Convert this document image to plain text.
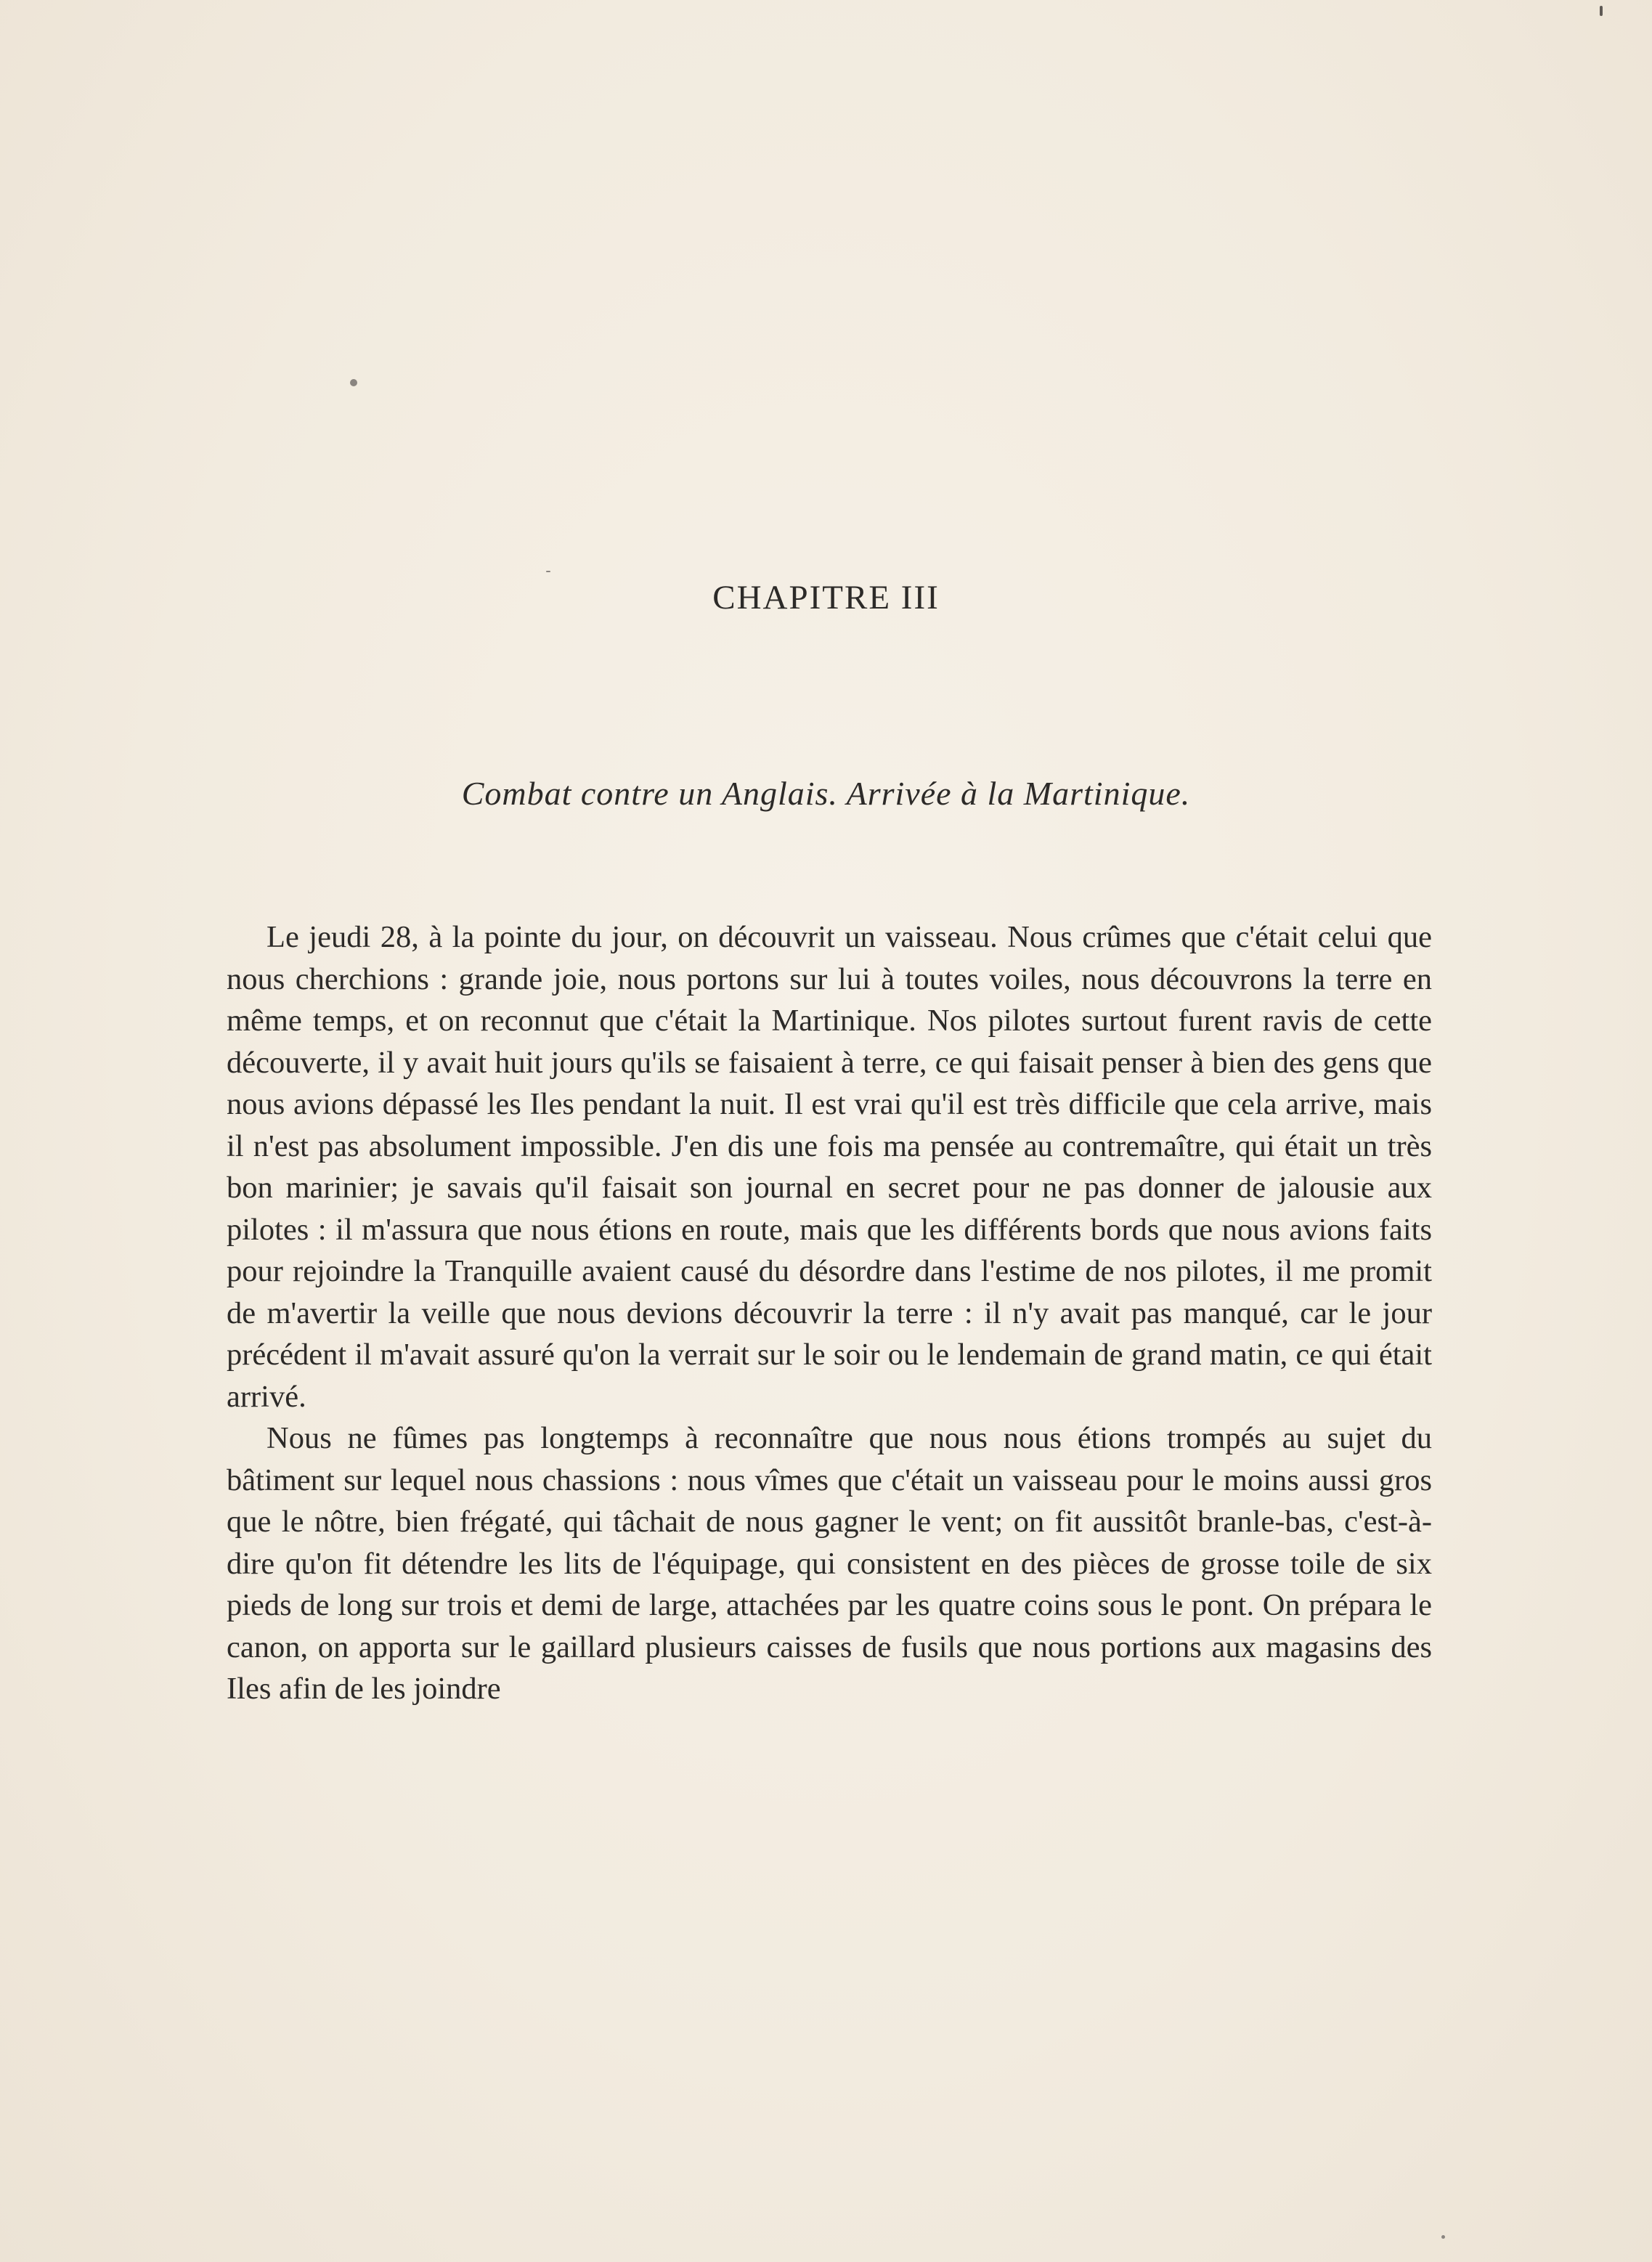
CHAPITRE III
Combat contre un Anglais. Arrivée à la Martinique.

Le jeudi 28, à la pointe du jour, on découvrit un vaisseau. Nous crûmes que c'était celui que nous cherchions : grande joie, nous portons sur lui à toutes voiles, nous découvrons la terre en même temps, et on reconnut que c'était la Martinique. Nos pilotes surtout furent ravis de cette découverte, il y avait huit jours qu'ils se faisaient à terre, ce qui faisait penser à bien des gens que nous avions dépassé les Iles pendant la nuit. Il est vrai qu'il est très difficile que cela arrive, mais il n'est pas absolument impossible. J'en dis une fois ma pensée au contremaître, qui était un très bon marinier; je savais qu'il faisait son journal en secret pour ne pas donner de jalousie aux pilotes : il m'assura que nous étions en route, mais que les différents bords que nous avions faits pour rejoindre la Tranquille avaient causé du désordre dans l'estime de nos pilotes, il me promit de m'avertir la veille que nous devions découvrir la terre : il n'y avait pas manqué, car le jour précédent il m'avait assuré qu'on la verrait sur le soir ou le lendemain de grand matin, ce qui était arrivé.

Nous ne fûmes pas longtemps à reconnaître que nous nous étions trompés au sujet du bâtiment sur lequel nous chassions : nous vîmes que c'était un vaisseau pour le moins aussi gros que le nôtre, bien frégaté, qui tâchait de nous gagner le vent; on fit aussitôt branle-bas, c'est-à-dire qu'on fit détendre les lits de l'équipage, qui consistent en des pièces de grosse toile de six pieds de long sur trois et demi de large, attachées par les quatre coins sous le pont. On prépara le canon, on apporta sur le gaillard plusieurs caisses de fusils que nous portions aux magasins des Iles afin de les joindre
